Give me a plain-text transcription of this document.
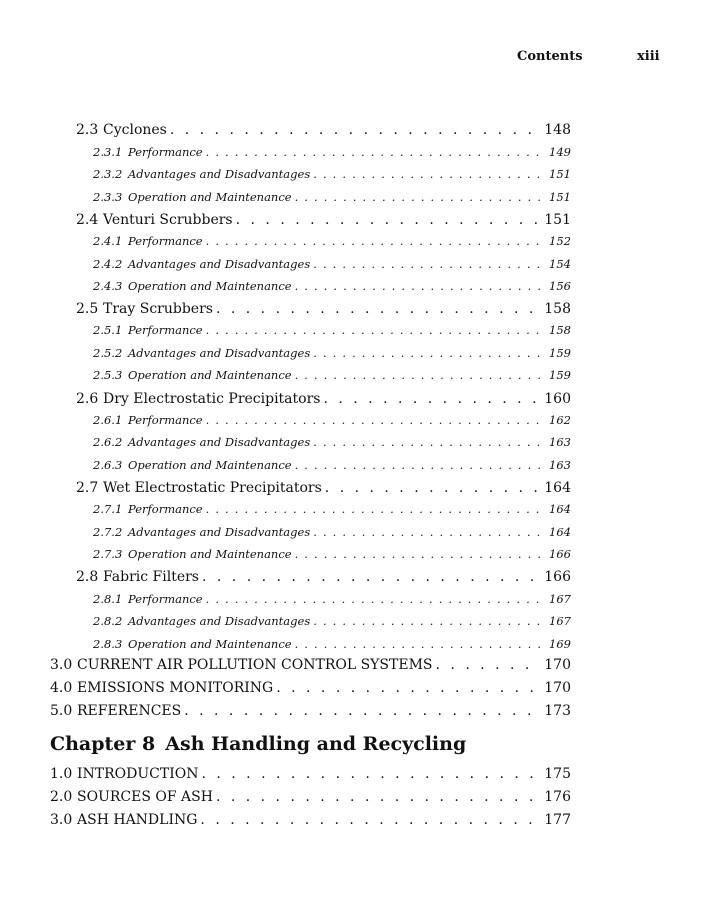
Contents	xiii
2.3 Cyclones . . .	148
2.3.1 Performance . . .	149
2.3.2 Advantages and Disadvantages . . .	151
2.3.3 Operation and Maintenance . . .	151
2.4 Venturi Scrubbers . . .	151
2.4.1 Performance . . .	152
2.4.2 Advantages and Disadvantages . . .	154
2.4.3 Operation and Maintenance . . .	156
2.5 Tray Scrubbers . . .	158
2.5.1 Performance . . .	158
2.5.2 Advantages and Disadvantages . . .	159
2.5.3 Operation and Maintenance . . .	159
2.6 Dry Electrostatic Precipitators . . .	160
2.6.1 Performance . . .	162
2.6.2 Advantages and Disadvantages . . .	163
2.6.3 Operation and Maintenance . . .	163
2.7 Wet Electrostatic Precipitators . . .	164
2.7.1 Performance . . .	164
2.7.2 Advantages and Disadvantages . . .	164
2.7.3 Operation and Maintenance . . .	166
2.8 Fabric Filters . . .	166
2.8.1 Performance . . .	167
2.8.2 Advantages and Disadvantages . . .	167
2.8.3 Operation and Maintenance . . .	169
3.0 CURRENT AIR POLLUTION CONTROL SYSTEMS . . .	170
4.0 EMISSIONS MONITORING . . .	170
5.0 REFERENCES . . .	173
1.0 INTRODUCTION . . .	175
2.0 SOURCES OF ASH . . .	176
3.0 ASH HANDLING . . .	177
Chapter 8 Ash Handling and Recycling
